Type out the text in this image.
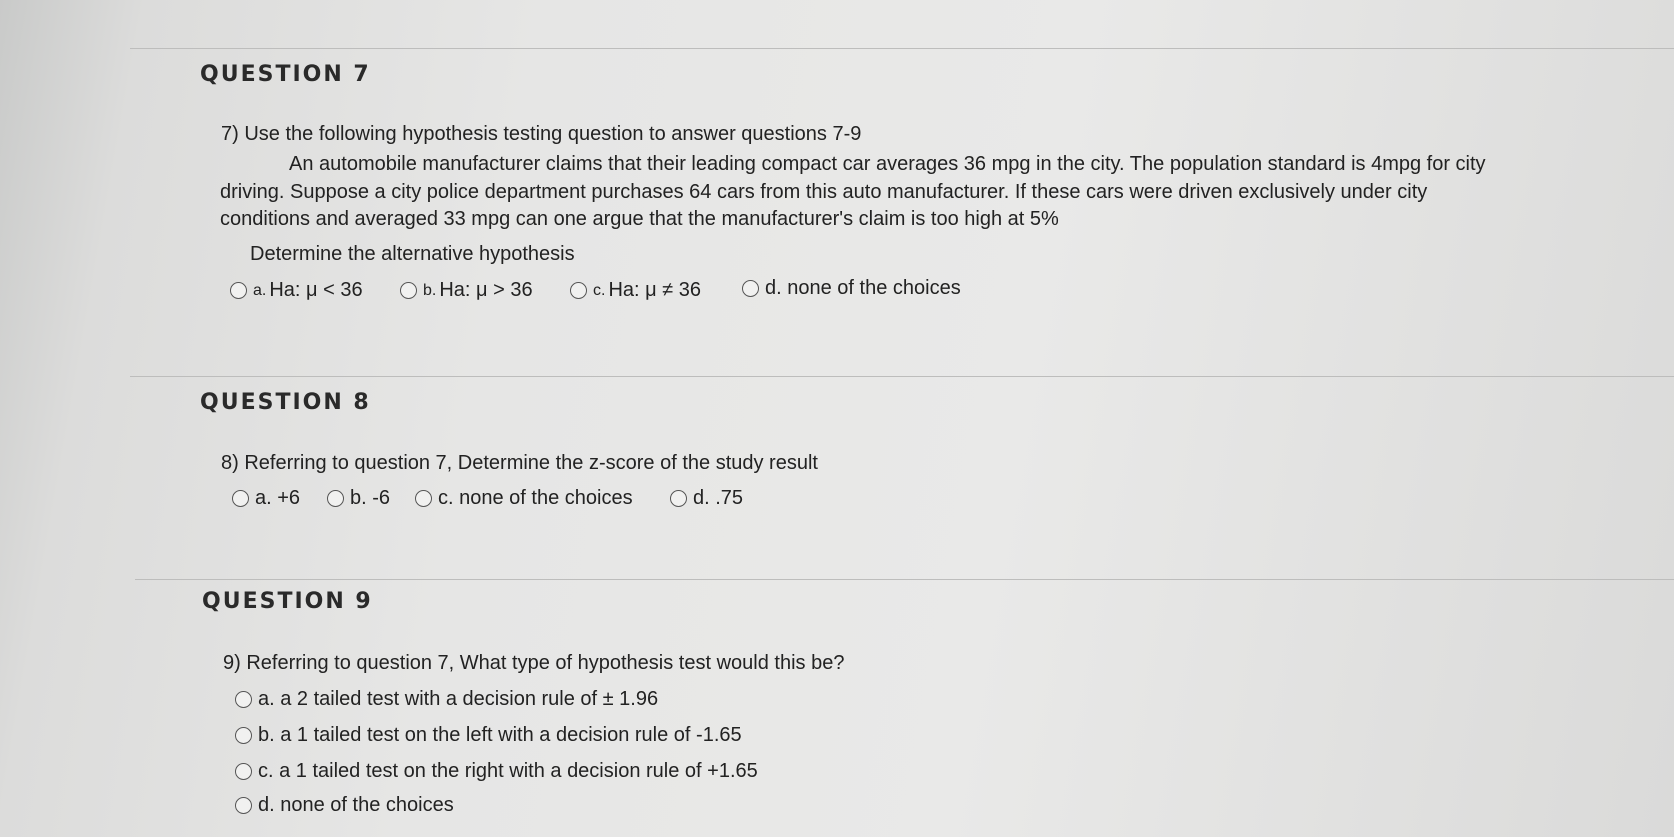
QUESTION 7
7) Use the following hypothesis testing question to answer questions 7-9
An automobile manufacturer claims that their leading compact car averages 36 mpg in the city. The population standard is 4mpg for city
driving. Suppose a city police department purchases 64 cars from this auto manufacturer. If these cars were driven exclusively under city
conditions and averaged 33 mpg can one argue that the manufacturer's claim is too high at 5%
Determine the alternative hypothesis
a. Ha: μ < 36	b. Ha: μ > 36	c. Ha: μ ≠ 36	d. none of the choices
QUESTION 8
8) Referring to question 7, Determine the z-score of the study result
a. +6 b. -6 c. none of the choices	d. .75
QUESTION 9
9) Referring to question 7, What type of hypothesis test would this be?
a. a 2 tailed test with a decision rule of ± 1.96
b. a 1 tailed test on the left with a decision rule of -1.65
c. a 1 tailed test on the right with a decision rule of +1.65
d. none of the choices
